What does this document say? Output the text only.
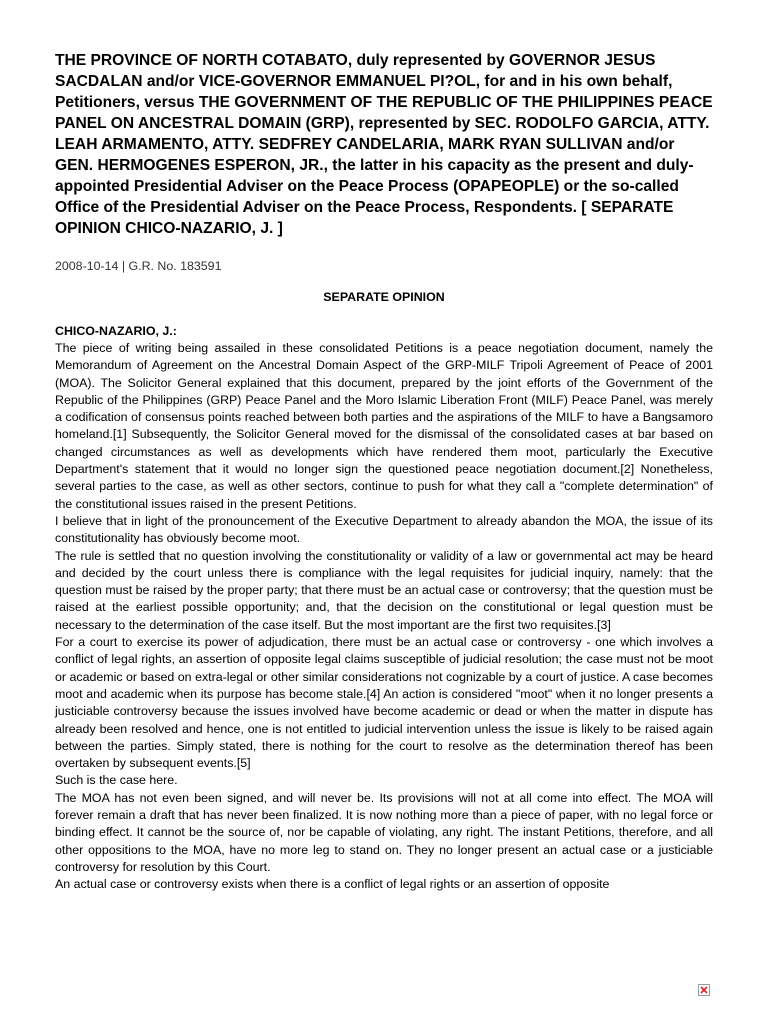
THE PROVINCE OF NORTH COTABATO, duly represented by GOVERNOR JESUS SACDALAN and/or VICE-GOVERNOR EMMANUEL PI?OL, for and in his own behalf, Petitioners, versus THE GOVERNMENT OF THE REPUBLIC OF THE PHILIPPINES PEACE PANEL ON ANCESTRAL DOMAIN (GRP), represented by SEC. RODOLFO GARCIA, ATTY. LEAH ARMAMENTO, ATTY. SEDFREY CANDELARIA, MARK RYAN SULLIVAN and/or GEN. HERMOGENES ESPERON, JR., the latter in his capacity as the present and duly-appointed Presidential Adviser on the Peace Process (OPAPEOPLE) or the so-called Office of the Presidential Adviser on the Peace Process, Respondents. [ SEPARATE OPINION CHICO-NAZARIO, J. ]

2008-10-14 | G.R. No. 183591
SEPARATE OPINION
CHICO-NAZARIO, J.:

The piece of writing being assailed in these consolidated Petitions is a peace negotiation document, namely the Memorandum of Agreement on the Ancestral Domain Aspect of the GRP-MILF Tripoli Agreement of Peace of 2001 (MOA). The Solicitor General explained that this document, prepared by the joint efforts of the Government of the Republic of the Philippines (GRP) Peace Panel and the Moro Islamic Liberation Front (MILF) Peace Panel, was merely a codification of consensus points reached between both parties and the aspirations of the MILF to have a Bangsamoro homeland.[1] Subsequently, the Solicitor General moved for the dismissal of the consolidated cases at bar based on changed circumstances as well as developments which have rendered them moot, particularly the Executive Department's statement that it would no longer sign the questioned peace negotiation document.[2] Nonetheless, several parties to the case, as well as other sectors, continue to push for what they call a "complete determination" of the constitutional issues raised in the present Petitions.

I believe that in light of the pronouncement of the Executive Department to already abandon the MOA, the issue of its constitutionality has obviously become moot.

The rule is settled that no question involving the constitutionality or validity of a law or governmental act may be heard and decided by the court unless there is compliance with the legal requisites for judicial inquiry, namely: that the question must be raised by the proper party; that there must be an actual case or controversy; that the question must be raised at the earliest possible opportunity; and, that the decision on the constitutional or legal question must be necessary to the determination of the case itself. But the most important are the first two requisites.[3]

For a court to exercise its power of adjudication, there must be an actual case or controversy - one which involves a conflict of legal rights, an assertion of opposite legal claims susceptible of judicial resolution; the case must not be moot or academic or based on extra-legal or other similar considerations not cognizable by a court of justice. A case becomes moot and academic when its purpose has become stale.[4] An action is considered "moot" when it no longer presents a justiciable controversy because the issues involved have become academic or dead or when the matter in dispute has already been resolved and hence, one is not entitled to judicial intervention unless the issue is likely to be raised again between the parties. Simply stated, there is nothing for the court to resolve as the determination thereof has been overtaken by subsequent events.[5]

Such is the case here.

The MOA has not even been signed, and will never be. Its provisions will not at all come into effect. The MOA will forever remain a draft that has never been finalized. It is now nothing more than a piece of paper, with no legal force or binding effect. It cannot be the source of, nor be capable of violating, any right. The instant Petitions, therefore, and all other oppositions to the MOA, have no more leg to stand on. They no longer present an actual case or a justiciable controversy for resolution by this Court.

An actual case or controversy exists when there is a conflict of legal rights or an assertion of opposite
